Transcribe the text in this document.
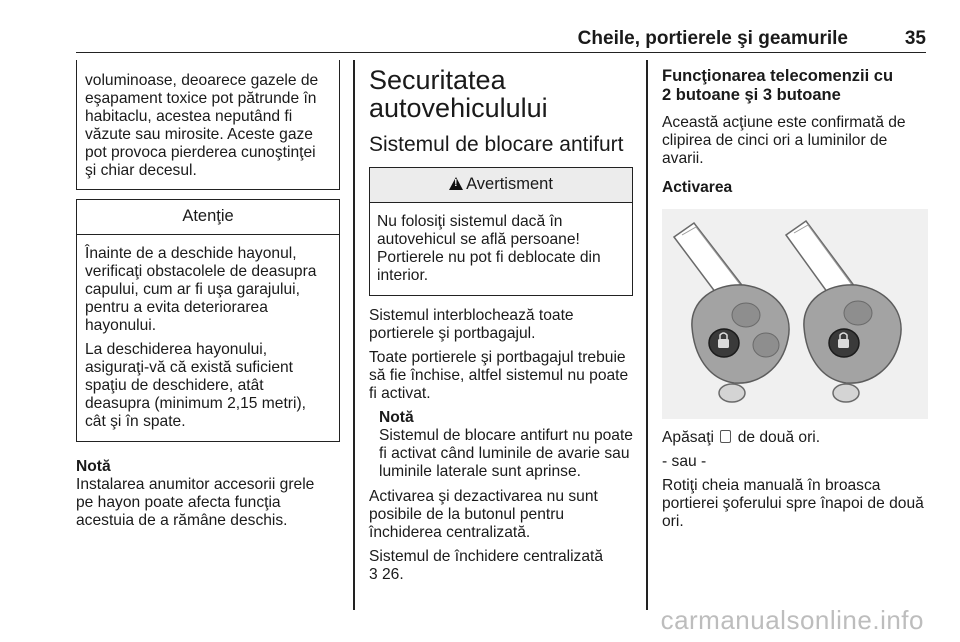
Cheile, portierele şi geamurile	35

voluminoase, deoarece gazele de
eşapament toxice pot pătrunde în
habitaclu, acestea neputând fi
văzute sau mirosite. Aceste gaze
pot provoca pierderea cunoştinţei
şi chiar decesul.

Atenţie

Înainte de a deschide hayonul,
verificaţi obstacolele de deasupra
capului, cum ar fi uşa garajului,
pentru a evita deteriorarea
hayonului.

La deschiderea hayonului,
asiguraţi-vă că există suficient
spaţiu de deschidere, atât
deasupra (minimum 2,15 metri),
cât şi în spate.

Notă

Instalarea anumitor accesorii grele
pe hayon poate afecta funcţia
acestuia de a rămâne deschis.

Securitatea
autovehiculului
Sistemul de blocare antifurt
!Avertisment

Nu folosiţi sistemul dacă în
autovehicul se află persoane!
Portierele nu pot fi deblocate din
interior.

Sistemul interblochează toate
portierele şi portbagajul.

Toate portierele şi portbagajul trebuie
să fie închise, altfel sistemul nu poate
fi activat.

Notă

Sistemul de blocare antifurt nu poate
fi activat când luminile de avarie sau
luminile laterale sunt aprinse.

Activarea şi dezactivarea nu sunt
posibile de la butonul pentru
închiderea centralizată.

Sistemul de închidere centralizată
3 26.

Funcţionarea telecomenzii cu
2 butoane şi 3 butoane

Această acţiune este confirmată de
clipirea de cinci ori a luminilor de
avarii.

Activarea

Apăsaţi  de două ori.

- sau -

Rotiţi cheia manuală în broasca
portierei şoferului spre înapoi de două
ori.

carmanualsonline.info
